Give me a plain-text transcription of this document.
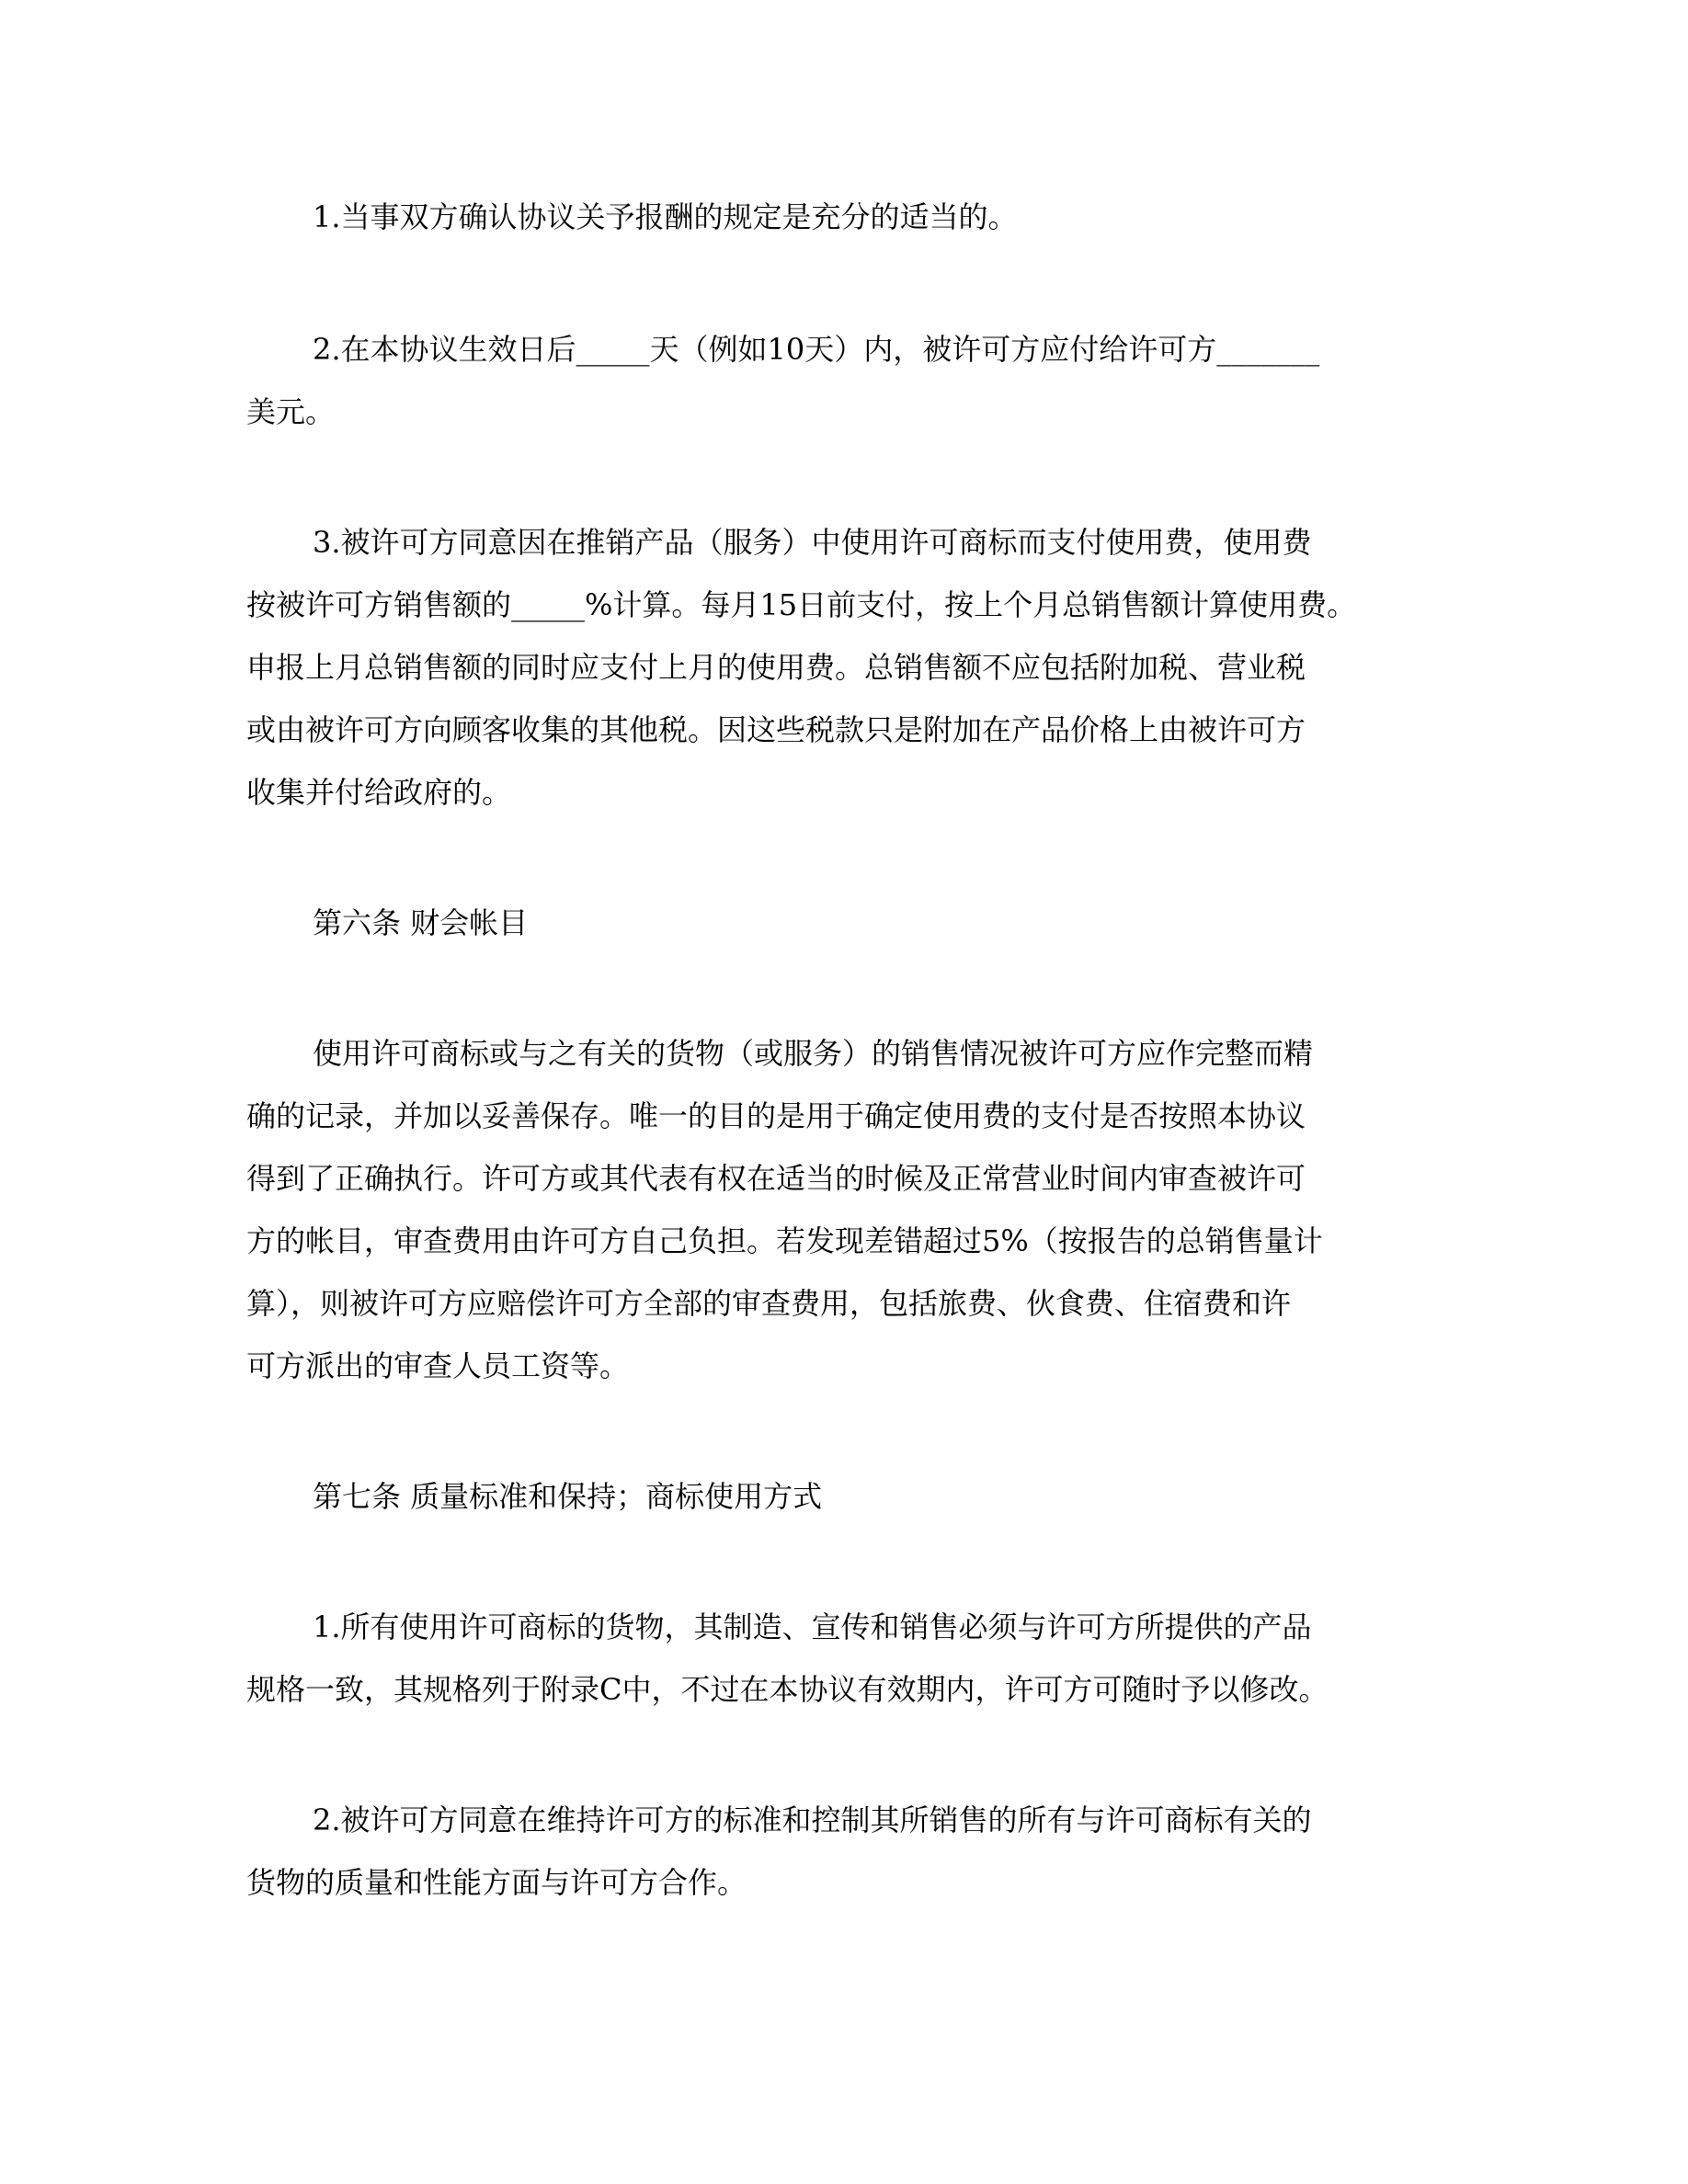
1.当事双方确认协议关予报酬的规定是充分的适当的。
2.在本协议生效日后_____天（例如10天）内，被许可方应付给许可方_______
美元。
3.被许可方同意因在推销产品（服务）中使用许可商标而支付使用费，使用费
按被许可方销售额的_____%计算。每月15日前支付，按上个月总销售额计算使用费。
申报上月总销售额的同时应支付上月的使用费。总销售额不应包括附加税、营业税
或由被许可方向顾客收集的其他税。因这些税款只是附加在产品价格上由被许可方
收集并付给政府的。
第六条 财会帐目
使用许可商标或与之有关的货物（或服务）的销售情况被许可方应作完整而精
确的记录，并加以妥善保存。唯一的目的是用于确定使用费的支付是否按照本协议
得到了正确执行。许可方或其代表有权在适当的时候及正常营业时间内审查被许可
方的帐目，审查费用由许可方自己负担。若发现差错超过5%（按报告的总销售量计
算），则被许可方应赔偿许可方全部的审查费用，包括旅费、伙食费、住宿费和许
可方派出的审查人员工资等。
第七条 质量标准和保持；商标使用方式
1.所有使用许可商标的货物，其制造、宣传和销售必须与许可方所提供的产品
规格一致，其规格列于附录C中，不过在本协议有效期内，许可方可随时予以修改。
2.被许可方同意在维持许可方的标准和控制其所销售的所有与许可商标有关的
货物的质量和性能方面与许可方合作。
